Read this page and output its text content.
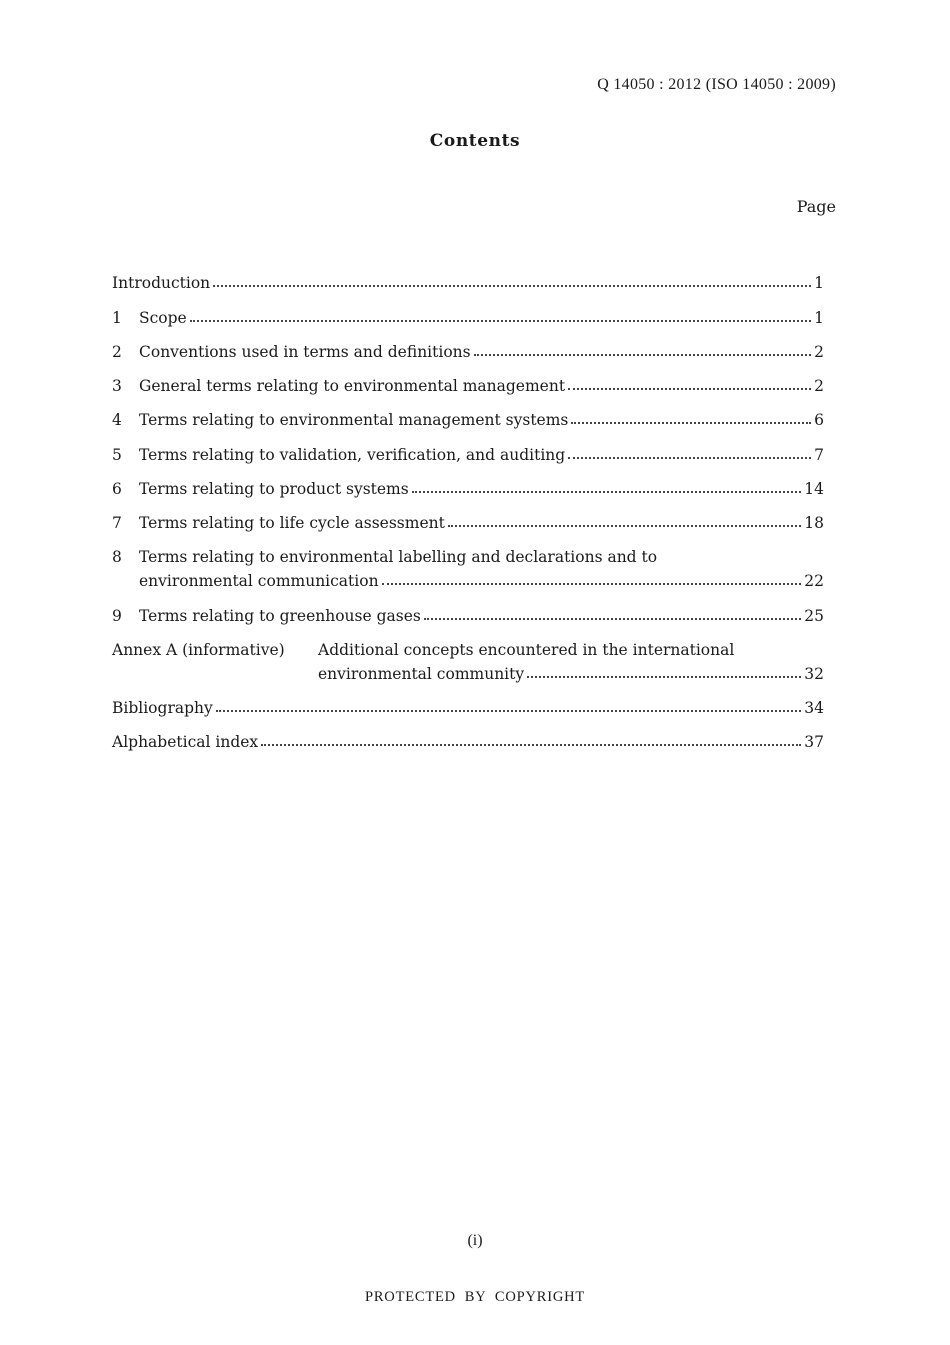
Q 14050 : 2012 (ISO 14050 : 2009)
Contents
Page
Introduction	1
1	Scope	1
2	Conventions used in terms and definitions	2
3	General terms relating to environmental management	2
4	Terms relating to environmental management systems	6
5	Terms relating to validation, verification, and auditing	7
6	Terms relating to product systems	14
7	Terms relating to life cycle assessment	18
8	Terms relating to environmental labelling and declarations and to
environmental communication	22
9	Terms relating to greenhouse gases	25
Annex A (informative)	Additional concepts encountered in the international
environmental community	32
Bibliography	34
Alphabetical index	37
(i)
PROTECTED  BY  COPYRIGHT
